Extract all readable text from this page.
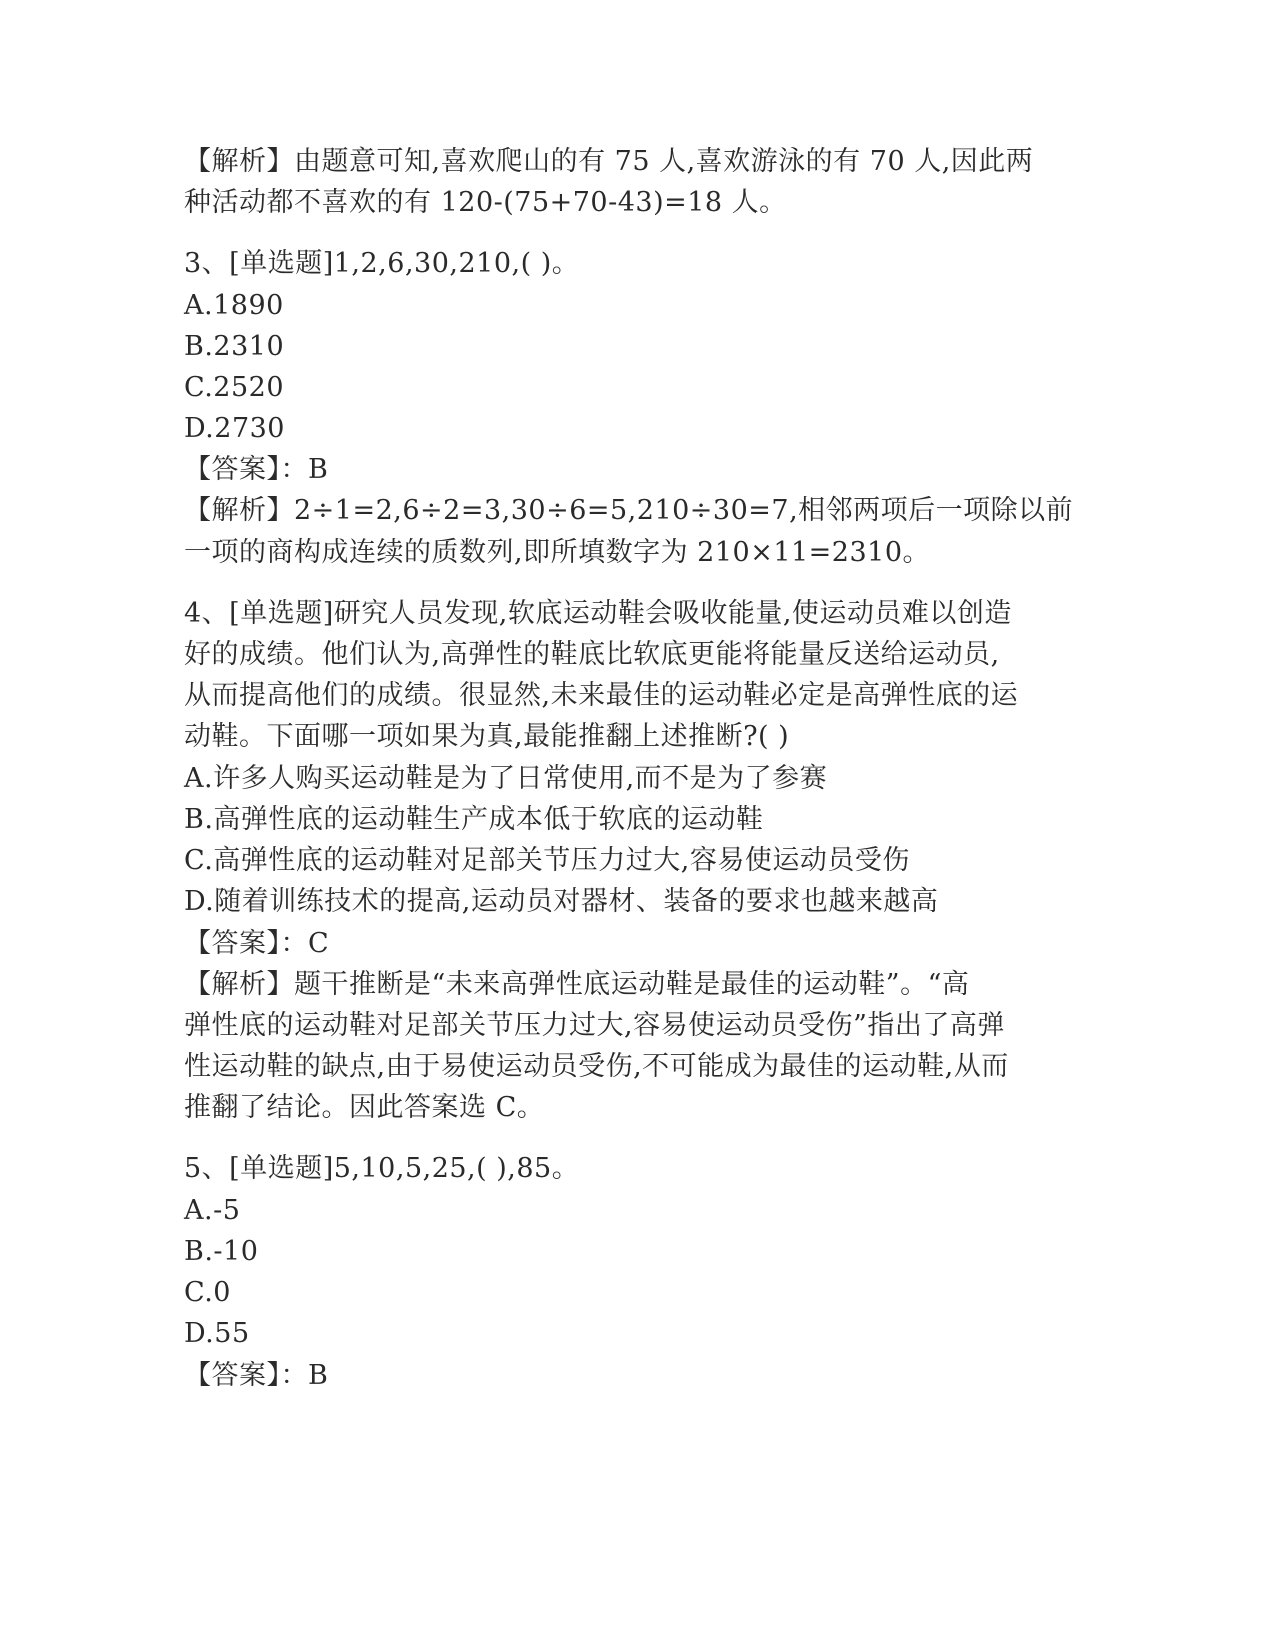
【解析】由题意可知,喜欢爬山的有 75 人,喜欢游泳的有 70 人,因此两
种活动都不喜欢的有 120-(75+70-43)=18 人。
3、[单选题]1,2,6,30,210,( )。
A.1890
B.2310
C.2520
D.2730
【答案】：B
【解析】2÷1=2,6÷2=3,30÷6=5,210÷30=7,相邻两项后一项除以前
一项的商构成连续的质数列,即所填数字为 210×11=2310。
4、[单选题]研究人员发现,软底运动鞋会吸收能量,使运动员难以创造
好的成绩。他们认为,高弹性的鞋底比软底更能将能量反送给运动员,
从而提高他们的成绩。很显然,未来最佳的运动鞋必定是高弹性底的运
动鞋。下面哪一项如果为真,最能推翻上述推断?( )
A.许多人购买运动鞋是为了日常使用,而不是为了参赛
B.高弹性底的运动鞋生产成本低于软底的运动鞋
C.高弹性底的运动鞋对足部关节压力过大,容易使运动员受伤
D.随着训练技术的提高,运动员对器材、装备的要求也越来越高
【答案】：C
【解析】题干推断是“未来高弹性底运动鞋是最佳的运动鞋”。“高
弹性底的运动鞋对足部关节压力过大,容易使运动员受伤”指出了高弹
性运动鞋的缺点,由于易使运动员受伤,不可能成为最佳的运动鞋,从而
推翻了结论。因此答案选 C。
5、[单选题]5,10,5,25,( ),85。
A.-5
B.-10
C.0
D.55
【答案】：B
